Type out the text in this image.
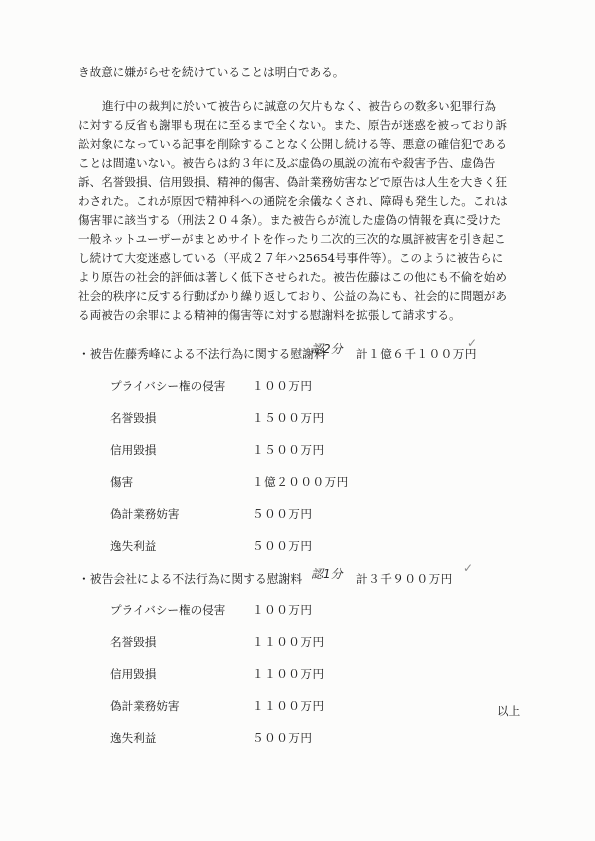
き故意に嫌がらせを続けていることは明白である。
進行中の裁判に於いて被告らに誠意の欠片もなく、被告らの数多い犯罪行為
に対する反省も謝罪も現在に至るまで全くない。また、原告が迷惑を被っており訴
訟対象になっている記事を削除することなく公開し続ける等、悪意の確信犯である
ことは間違いない。被告らは約３年に及ぶ虚偽の風説の流布や殺害予告、虚偽告
訴、名誉毀損、信用毀損、精神的傷害、偽計業務妨害などで原告は人生を大きく狂
わされた。これが原因で精神科への通院を余儀なくされ、障碍も発生した。これは
傷害罪に該当する（刑法２０４条）。また被告らが流した虚偽の情報を真に受けた
一般ネットユーザーがまとめサイトを作ったり二次的三次的な風評被害を引き起こ
し続けて大変迷惑している（平成２７年ハ25654号事件等）。このように被告らに
より原告の社会的評価は著しく低下させられた。被告佐藤はこの他にも不倫を始め
社会的秩序に反する行動ばかり繰り返しており、公益の為にも、社会的に問題があ
る両被告の余罪による精神的傷害等に対する慰謝料を拡張して請求する。
・被告佐藤秀峰による不法行為に関する慰謝料
認2分 計１億６千１００万円
✓
プライバシー権の侵害 １００万円
名誉毀損	１５００万円
信用毀損	１５００万円
傷害	１億２０００万円
偽計業務妨害	５００万円
逸失利益	５００万円
・被告会社による不法行為に関する慰謝料 認1分 計３千９００万円
✓
プライバシー権の侵害 １００万円
名誉毀損	１１００万円
信用毀損	１１００万円
偽計業務妨害	１１００万円
逸失利益	５００万円
以上
